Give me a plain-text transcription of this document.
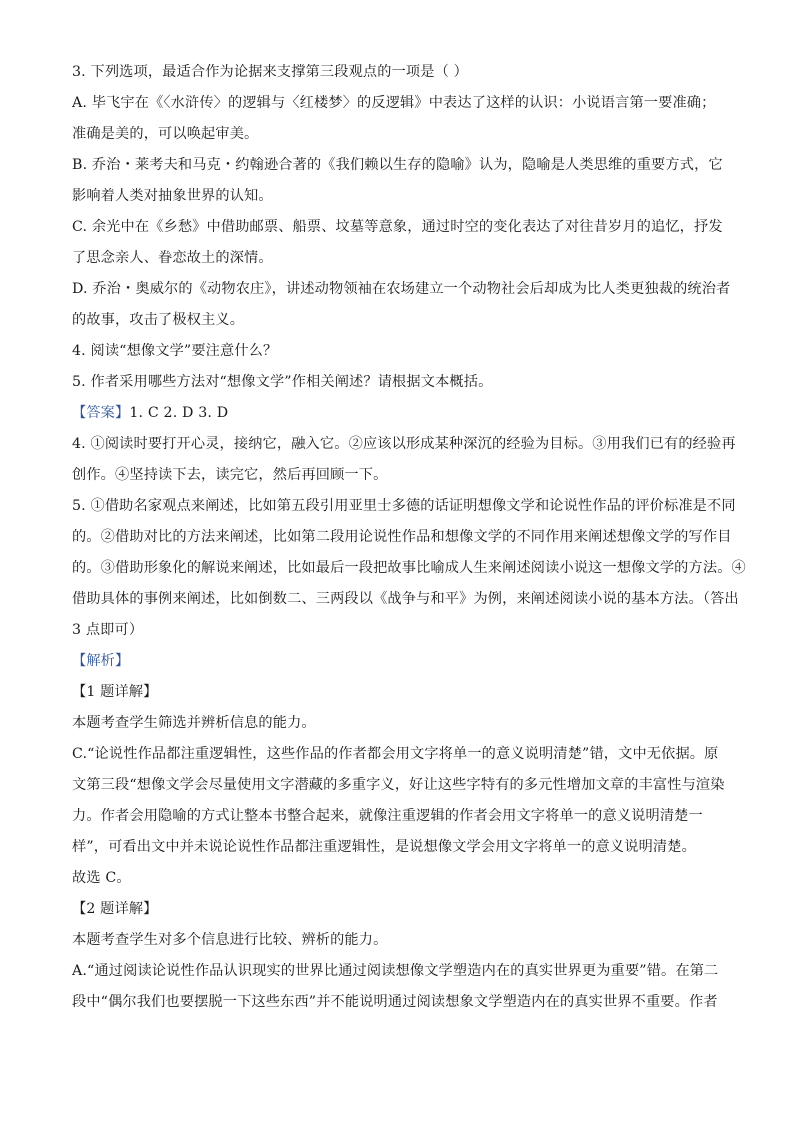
3. 下列选项，最适合作为论据来支撑第三段观点的一项是（ ）
A. 毕飞宇在《〈水浒传〉的逻辑与〈红楼梦〉的反逻辑》中表达了这样的认识：小说语言第一要准确；
准确是美的，可以唤起审美。
B. 乔治・莱考夫和马克・约翰逊合著的《我们赖以生存的隐喻》认为，隐喻是人类思维的重要方式，它
影响着人类对抽象世界的认知。
C. 余光中在《乡愁》中借助邮票、船票、坟墓等意象，通过时空的变化表达了对往昔岁月的追忆，抒发
了思念亲人、眷恋故土的深情。
D. 乔治・奥威尔的《动物农庄》，讲述动物领袖在农场建立一个动物社会后却成为比人类更独裁的统治者
的故事，攻击了极权主义。
4. 阅读“想像文学”要注意什么？
5. 作者采用哪些方法对“想像文学”作相关阐述？请根据文本概括。
【答案】1. C 2. D 3. D
4. ①阅读时要打开心灵，接纳它，融入它。②应该以形成某种深沉的经验为目标。③用我们已有的经验再
创作。④坚持读下去，读完它，然后再回顾一下。
5. ①借助名家观点来阐述，比如第五段引用亚里士多德的话证明想像文学和论说性作品的评价标准是不同
的。②借助对比的方法来阐述，比如第二段用论说性作品和想像文学的不同作用来阐述想像文学的写作目
的。③借助形象化的解说来阐述，比如最后一段把故事比喻成人生来阐述阅读小说这一想像文学的方法。④
借助具体的事例来阐述，比如倒数二、三两段以《战争与和平》为例，来阐述阅读小说的基本方法。（答出
3 点即可）
【解析】
【1 题详解】
本题考查学生筛选并辨析信息的能力。
C.“论说性作品都注重逻辑性，这些作品的作者都会用文字将单一的意义说明清楚”错，文中无依据。原
文第三段“想像文学会尽量使用文字潜藏的多重字义，好让这些字特有的多元性增加文章的丰富性与渲染
力。作者会用隐喻的方式让整本书整合起来，就像注重逻辑的作者会用文字将单一的意义说明清楚一
样”，可看出文中并未说论说性作品都注重逻辑性，是说想像文学会用文字将单一的意义说明清楚。
故选 C。
【2 题详解】
本题考查学生对多个信息进行比较、辨析的能力。
A.“通过阅读论说性作品认识现实的世界比通过阅读想像文学塑造内在的真实世界更为重要”错。在第二
段中“偶尔我们也要摆脱一下这些东西”并不能说明通过阅读想象文学塑造内在的真实世界不重要。作者
